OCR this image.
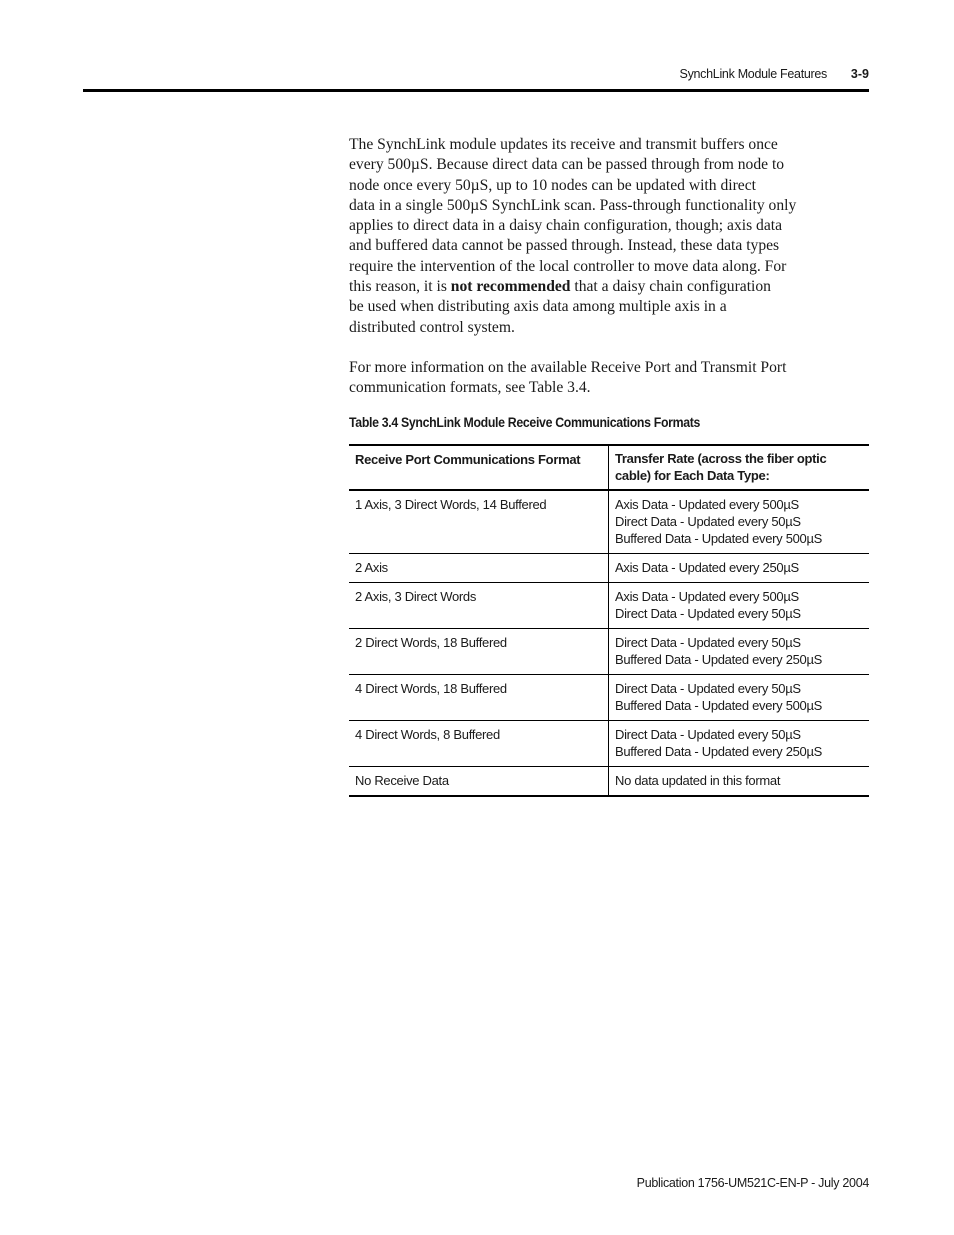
SynchLink Module Features 3-9
The SynchLink module updates its receive and transmit buffers once
every 500µS. Because direct data can be passed through from node to
node once every 50µS, up to 10 nodes can be updated with direct
data in a single 500µS SynchLink scan. Pass-through functionality only
applies to direct data in a daisy chain configuration, though; axis data
and buffered data cannot be passed through. Instead, these data types
require the intervention of the local controller to move data along. For
this reason, it is not recommended that a daisy chain configuration
be used when distributing axis data among multiple axis in a
distributed control system.
For more information on the available Receive Port and Transmit Port
communication formats, see Table 3.4.
Table 3.4 SynchLink Module Receive Communications Formats
Receive Port Communications Format	Transfer Rate (across the fiber optic
cable) for Each Data Type:

1 Axis, 3 Direct Words, 14 Buffered	Axis Data - Updated every 500µS
Direct Data - Updated every 50µS
Buffered Data - Updated every 500µS

2 Axis	Axis Data - Updated every 250µS

2 Axis, 3 Direct Words	Axis Data - Updated every 500µS
Direct Data - Updated every 50µS

2 Direct Words, 18 Buffered	Direct Data - Updated every 50µS
Buffered Data - Updated every 250µS

4 Direct Words, 18 Buffered	Direct Data - Updated every 50µS
Buffered Data - Updated every 500µS

4 Direct Words, 8 Buffered	Direct Data - Updated every 50µS
Buffered Data - Updated every 250µS

No Receive Data	No data updated in this format
Publication 1756-UM521C-EN-P - July 2004
